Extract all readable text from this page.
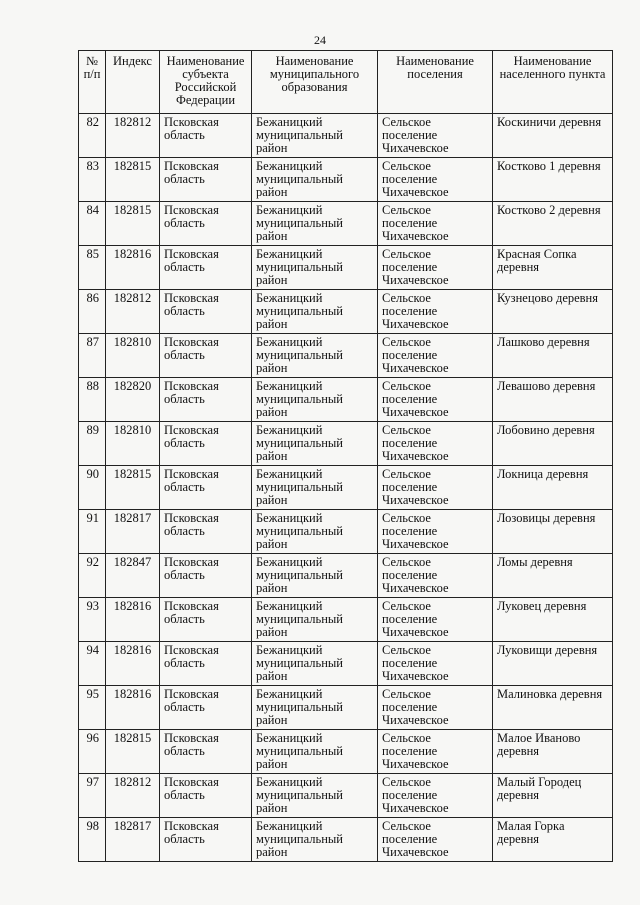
24
№ п/п	Индекс	Наименование субъекта Российской Федерации	Наименование муниципального образования	Наименование поселения	Наименование населенного пункта
82	182812	Псковская область	Бежаницкий муниципальный район	Сельское поселение Чихачевское	Коскиничи деревня
83	182815	Псковская область	Бежаницкий муниципальный район	Сельское поселение Чихачевское	Костково 1 деревня
84	182815	Псковская область	Бежаницкий муниципальный район	Сельское поселение Чихачевское	Костково 2 деревня
85	182816	Псковская область	Бежаницкий муниципальный район	Сельское поселение Чихачевское	Красная Сопка деревня
86	182812	Псковская область	Бежаницкий муниципальный район	Сельское поселение Чихачевское	Кузнецово деревня
87	182810	Псковская область	Бежаницкий муниципальный район	Сельское поселение Чихачевское	Лашково деревня
88	182820	Псковская область	Бежаницкий муниципальный район	Сельское поселение Чихачевское	Левашово деревня
89	182810	Псковская область	Бежаницкий муниципальный район	Сельское поселение Чихачевское	Лобовино деревня
90	182815	Псковская область	Бежаницкий муниципальный район	Сельское поселение Чихачевское	Локница деревня
91	182817	Псковская область	Бежаницкий муниципальный район	Сельское поселение Чихачевское	Лозовицы деревня
92	182847	Псковская область	Бежаницкий муниципальный район	Сельское поселение Чихачевское	Ломы деревня
93	182816	Псковская область	Бежаницкий муниципальный район	Сельское поселение Чихачевское	Луковец деревня
94	182816	Псковская область	Бежаницкий муниципальный район	Сельское поселение Чихачевское	Луковищи деревня
95	182816	Псковская область	Бежаницкий муниципальный район	Сельское поселение Чихачевское	Малиновка деревня
96	182815	Псковская область	Бежаницкий муниципальный район	Сельское поселение Чихачевское	Малое Иваново деревня
97	182812	Псковская область	Бежаницкий муниципальный район	Сельское поселение Чихачевское	Малый Городец деревня
98	182817	Псковская область	Бежаницкий муниципальный район	Сельское поселение Чихачевское	Малая Горка деревня
